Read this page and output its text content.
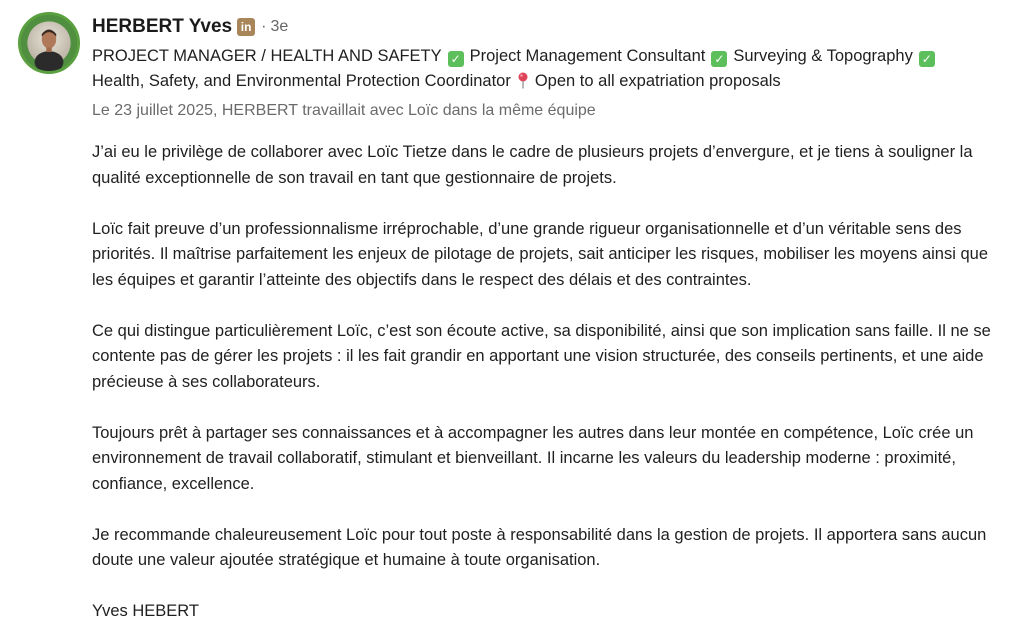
HERBERT Yves in · 3e
PROJECT MANAGER / HEALTH AND SAFETY ✓ Project Management Consultant ✓ Surveying & Topography ✓
Health, Safety, and Environmental Protection Coordinator Open to all expatriation proposals
Le 23 juillet 2025, HERBERT travaillait avec Loïc dans la même équipe

J’ai eu le privilège de collaborer avec Loïc Tietze dans le cadre de plusieurs projets d’envergure, et je tiens à souligner la qualité exceptionnelle de son travail en tant que gestionnaire de projets.

Loïc fait preuve d’un professionnalisme irréprochable, d’une grande rigueur organisationnelle et d’un véritable sens des priorités. Il maîtrise parfaitement les enjeux de pilotage de projets, sait anticiper les risques, mobiliser les moyens ainsi que les équipes et garantir l’atteinte des objectifs dans le respect des délais et des contraintes.

Ce qui distingue particulièrement Loïc, c’est son écoute active, sa disponibilité, ainsi que son implication sans faille. Il ne se contente pas de gérer les projets : il les fait grandir en apportant une vision structurée, des conseils pertinents, et une aide précieuse à ses collaborateurs.

Toujours prêt à partager ses connaissances et à accompagner les autres dans leur montée en compétence, Loïc crée un environnement de travail collaboratif, stimulant et bienveillant. Il incarne les valeurs du leadership moderne : proximité, confiance, excellence.

Je recommande chaleureusement Loïc pour tout poste à responsabilité dans la gestion de projets. Il apportera sans aucun doute une valeur ajoutée stratégique et humaine à toute organisation.

Yves HEBERT
